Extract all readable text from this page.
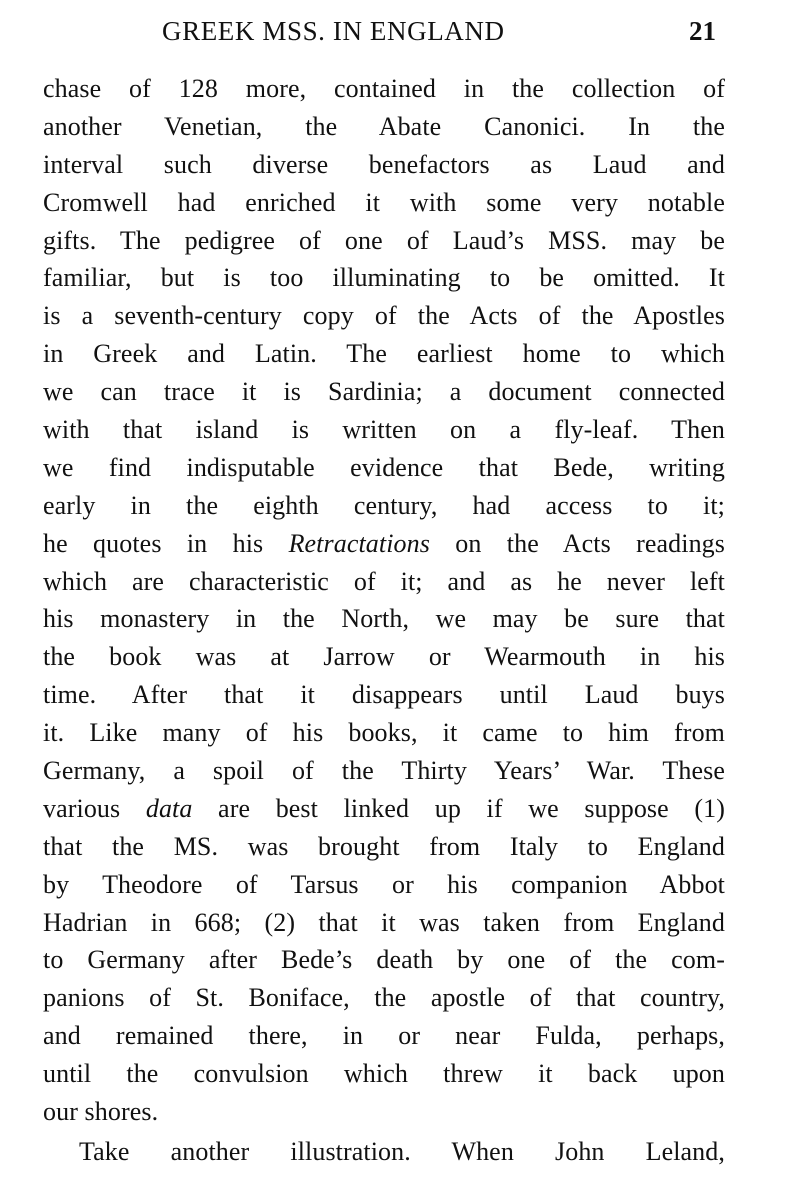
GREEK MSS. IN ENGLAND	21
chase of 128 more, contained in the collection of
another Venetian, the Abate Canonici. In the
interval such diverse benefactors as Laud and
Cromwell had enriched it with some very notable
gifts. The pedigree of one of Laud’s MSS. may be
familiar, but is too illuminating to be omitted. It
is a seventh-century copy of the Acts of the Apostles
in Greek and Latin. The earliest home to which
we can trace it is Sardinia; a document connected
with that island is written on a fly-leaf. Then
we find indisputable evidence that Bede, writing
early in the eighth century, had access to it;
he quotes in his Retractations on the Acts readings
which are characteristic of it; and as he never left
his monastery in the North, we may be sure that
the book was at Jarrow or Wearmouth in his
time. After that it disappears until Laud buys
it. Like many of his books, it came to him from
Germany, a spoil of the Thirty Years’ War. These
various data are best linked up if we suppose (1)
that the MS. was brought from Italy to England
by Theodore of Tarsus or his companion Abbot
Hadrian in 668; (2) that it was taken from England
to Germany after Bede’s death by one of the com-
panions of St. Boniface, the apostle of that country,
and remained there, in or near Fulda, perhaps,
until the convulsion which threw it back upon
our shores.
Take another illustration. When John Leland,
